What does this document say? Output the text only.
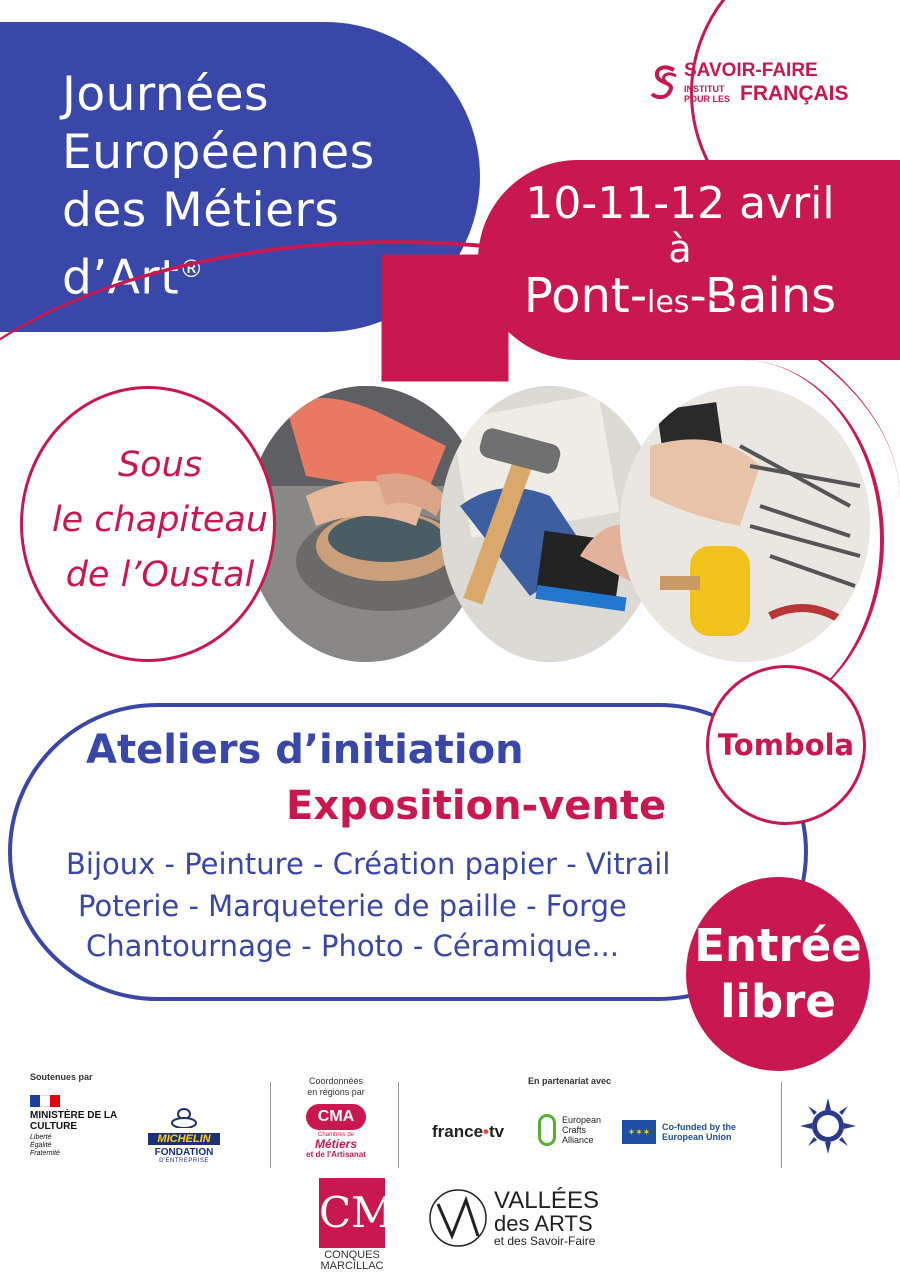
Journées
Européennes
des Métiers
d’Art®
SAVOIR-FAIRE
INSTITUT POUR LES FRANÇAIS
10-11-12 avril
à
Pont-les-Bains
Sous
le chapiteau
de l’Oustal
Ateliers d’initiation
Exposition-vente
Bijoux - Peinture - Création papier - Vitrail
Poterie - Marqueterie de paille - Forge
Chantournage - Photo - Céramique...
Tombola
Entrée
libre
Soutenues par
MINISTÈRE DE LA CULTURE
Liberté
Égalité
Fraternité
MICHELIN
FONDATION
D'ENTREPRISE
Coordonnées
en régions par
CMA
Chambres de
Métiers
et de l'Artisanat
En partenariat avec
france•tv
European Crafts Alliance
✶✶✶	Co-funded by the European Union
CM
CONQUES
MARCILLAC
VALLÉES
des ARTS
et des Savoir-Faire
